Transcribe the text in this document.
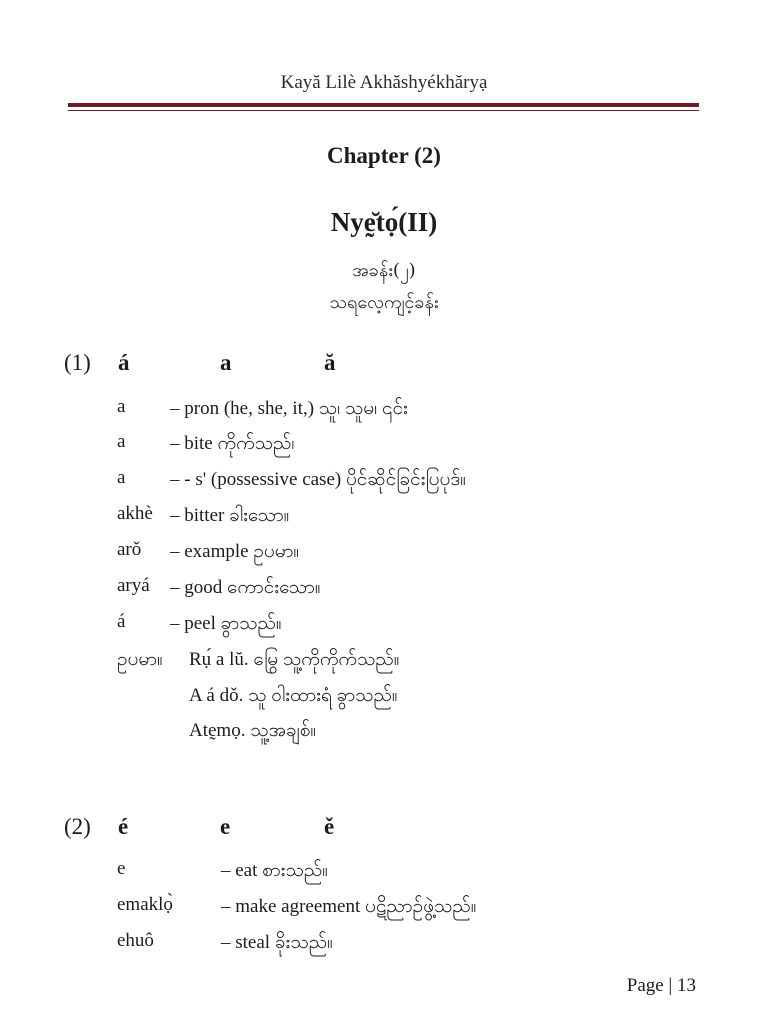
Kayă Lilè Akhăshyékhăryạ
Chapter (2)
Nyḛ̆tọ́(II)
အခန်း(၂)
သရလေ့ကျင့်ခန်း
(1) á	a	ă
a – pron (he, she, it,) သူ၊ သူမ၊ ၎င်း
a – bite ကိုက်သည်၊
a – - s' (possessive case) ပိုင်ဆိုင်ခြင်းပြပုဒ်။
akhè – bitter ခါးသော။
arǒ – example ဥပမာ။
aryá – good ကောင်းသော။
á – peel ခွာသည်။
ဥပမာ။ Rụ́ a lŭ. မြွေ သူ့ကိုကိုက်သည်။
A á dǒ. သူ ဝါးထားရံ ခွာသည်။
Atḛmọ. သူ့အချစ်။
(2) é	e	ě
e	– eat စားသည်။
emaklọ̀	– make agreement ပဋိညာဉ်ဖွဲ့သည်။
ehuô	– steal ခိုးသည်။
Page | 13
